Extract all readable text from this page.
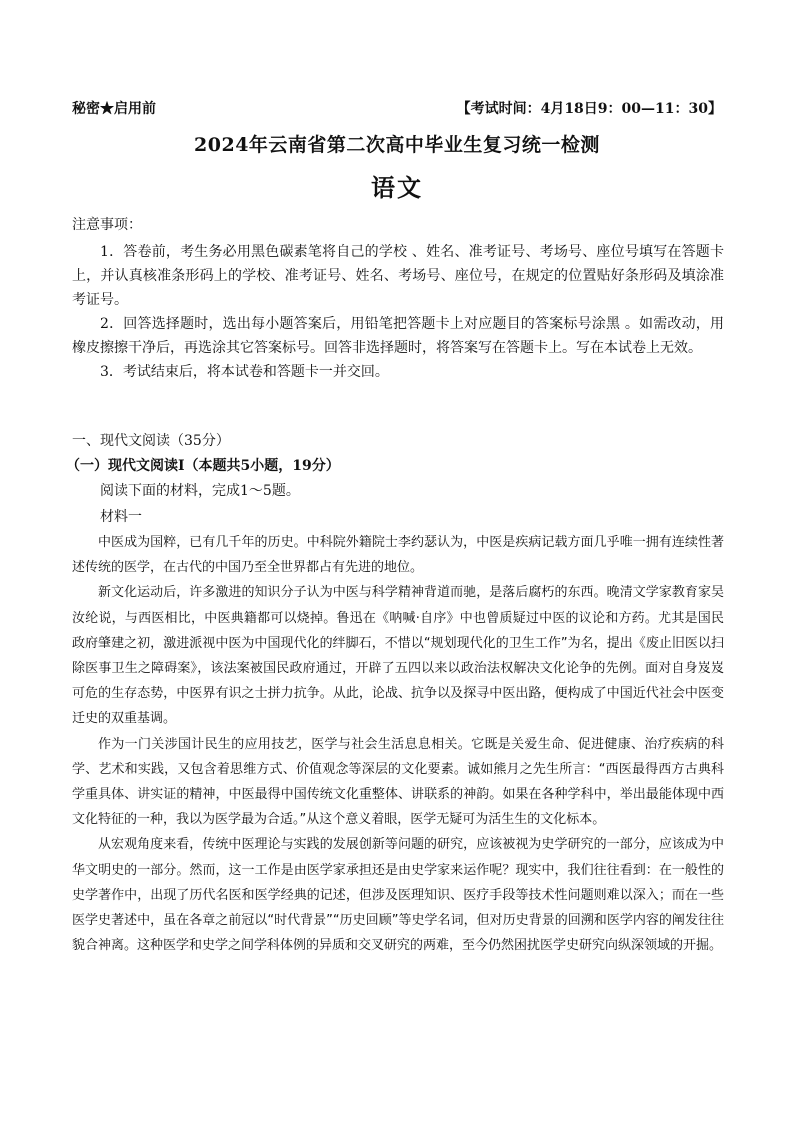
秘密★启用前	【考试时间：4月18日9：00—11：30】
2024年云南省第二次高中毕业生复习统一检测
语文
注意事项：

1．答卷前，考生务必用黑色碳素笔将自己的学校 、姓名、准考证号、考场号、座位号填写在答题卡上，并认真核准条形码上的学校、准考证号、姓名、考场号、座位号，在规定的位置贴好条形码及填涂准考证号。

2．回答选择题时，选出每小题答案后，用铅笔把答题卡上对应题目的答案标号涂黑 。如需改动，用橡皮擦擦干净后，再选涂其它答案标号。回答非选择题时，将答案写在答题卡上。写在本试卷上无效。

3．考试结束后，将本试卷和答题卡一并交回。

一、现代文阅读（35分）
（一）现代文阅读Ⅰ（本题共5小题，19分）
阅读下面的材料，完成1～5题。
材料一

中医成为国粹，已有几千年的历史。中科院外籍院士李约瑟认为，中医是疾病记载方面几乎唯一拥有连续性著述传统的医学，在古代的中国乃至全世界都占有先进的地位。

新文化运动后，许多激进的知识分子认为中医与科学精神背道而驰，是落后腐朽的东西。晚清文学家教育家吴汝纶说，与西医相比，中医典籍都可以烧掉。鲁迅在《呐喊·自序》中也曾质疑过中医的议论和方药。尤其是国民政府肇建之初，激进派视中医为中国现代化的绊脚石，不惜以“规划现代化的卫生工作”为名，提出《废止旧医以扫除医事卫生之障碍案》，该法案被国民政府通过，开辟了五四以来以政治法权解决文化论争的先例。面对自身岌岌可危的生存态势，中医界有识之士拼力抗争。从此，论战、抗争以及探寻中医出路，便构成了中国近代社会中医变迁史的双重基调。

作为一门关涉国计民生的应用技艺，医学与社会生活息息相关。它既是关爱生命、促进健康、治疗疾病的科学、艺术和实践，又包含着思维方式、价值观念等深层的文化要素。诚如熊月之先生所言：“西医最得西方古典科学重具体、讲实证的精神，中医最得中国传统文化重整体、讲联系的神韵。如果在各种学科中，举出最能体现中西文化特征的一种，我以为医学最为合适。”从这个意义着眼，医学无疑可为活生生的文化标本。

从宏观角度来看，传统中医理论与实践的发展创新等问题的研究，应该被视为史学研究的一部分，应该成为中华文明史的一部分。然而，这一工作是由医学家承担还是由史学家来运作呢？现实中，我们往往看到：在一般性的史学著作中，出现了历代名医和医学经典的记述，但涉及医理知识、医疗手段等技术性问题则难以深入；而在一些医学史著述中，虽在各章之前冠以“时代背景”“历史回顾”等史学名词，但对历史背景的回溯和医学内容的阐发往往貌合神离。这种医学和史学之间学科体例的异质和交叉研究的两难，至今仍然困扰医学史研究向纵深领域的开掘。
